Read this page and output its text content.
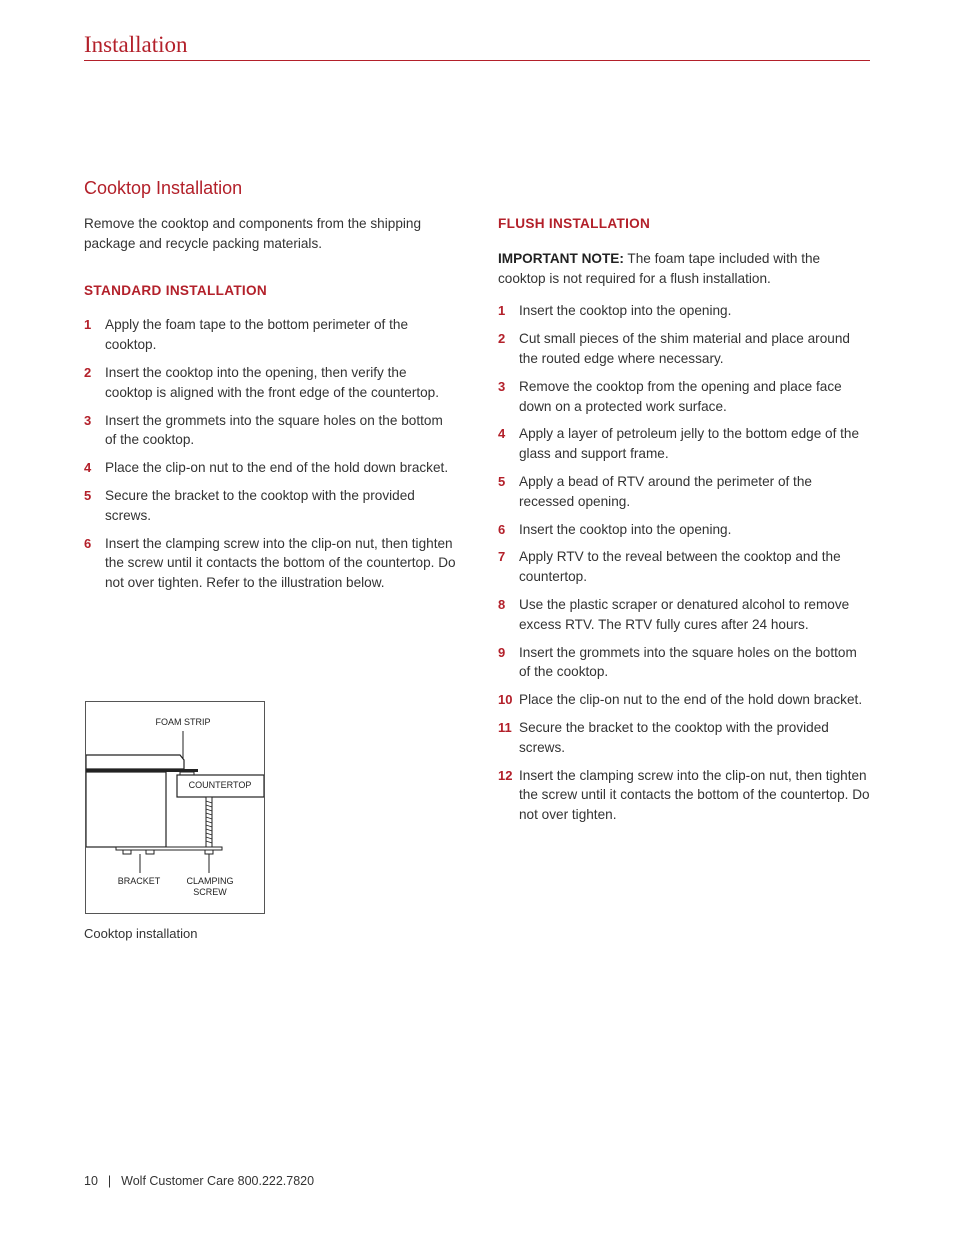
Installation
Cooktop Installation

Remove the cooktop and components from the shipping package and recycle packing materials.

STANDARD INSTALLATION

1	Apply the foam tape to the bottom perimeter of the cooktop.
2	Insert the cooktop into the opening, then verify the cooktop is aligned with the front edge of the countertop.
3	Insert the grommets into the square holes on the bottom of the cooktop.
4	Place the clip-on nut to the end of the hold down bracket.
5	Secure the bracket to the cooktop with the provided screws.
6	Insert the clamping screw into the clip-on nut, then tighten the screw until it contacts the bottom of the countertop. Do not over tighten. Refer to the illustration below.

FLUSH INSTALLATION

IMPORTANT NOTE: The foam tape included with the cooktop is not required for a flush installation.

1	Insert the cooktop into the opening.
2	Cut small pieces of the shim material and place around the routed edge where necessary.
3	Remove the cooktop from the opening and place face down on a protected work surface.
4	Apply a layer of petroleum jelly to the bottom edge of the glass and support frame.
5	Apply a bead of RTV around the perimeter of the recessed opening.
6	Insert the cooktop into the opening.
7	Apply RTV to the reveal between the cooktop and the countertop.
8	Use the plastic scraper or denatured alcohol to remove excess RTV. The RTV fully cures after 24 hours.
9	Insert the grommets into the square holes on the bottom of the cooktop.
10 Place the clip-on nut to the end of the hold down bracket.
11 Secure the bracket to the cooktop with the provided screws.
12 Insert the clamping screw into the clip-on nut, then tighten the screw until it contacts the bottom of the countertop. Do not over tighten.
FOAM STRIP
COUNTERTOP
BRACKET	CLAMPING
SCREW

Cooktop installation

10 | Wolf Customer Care 800.222.7820
